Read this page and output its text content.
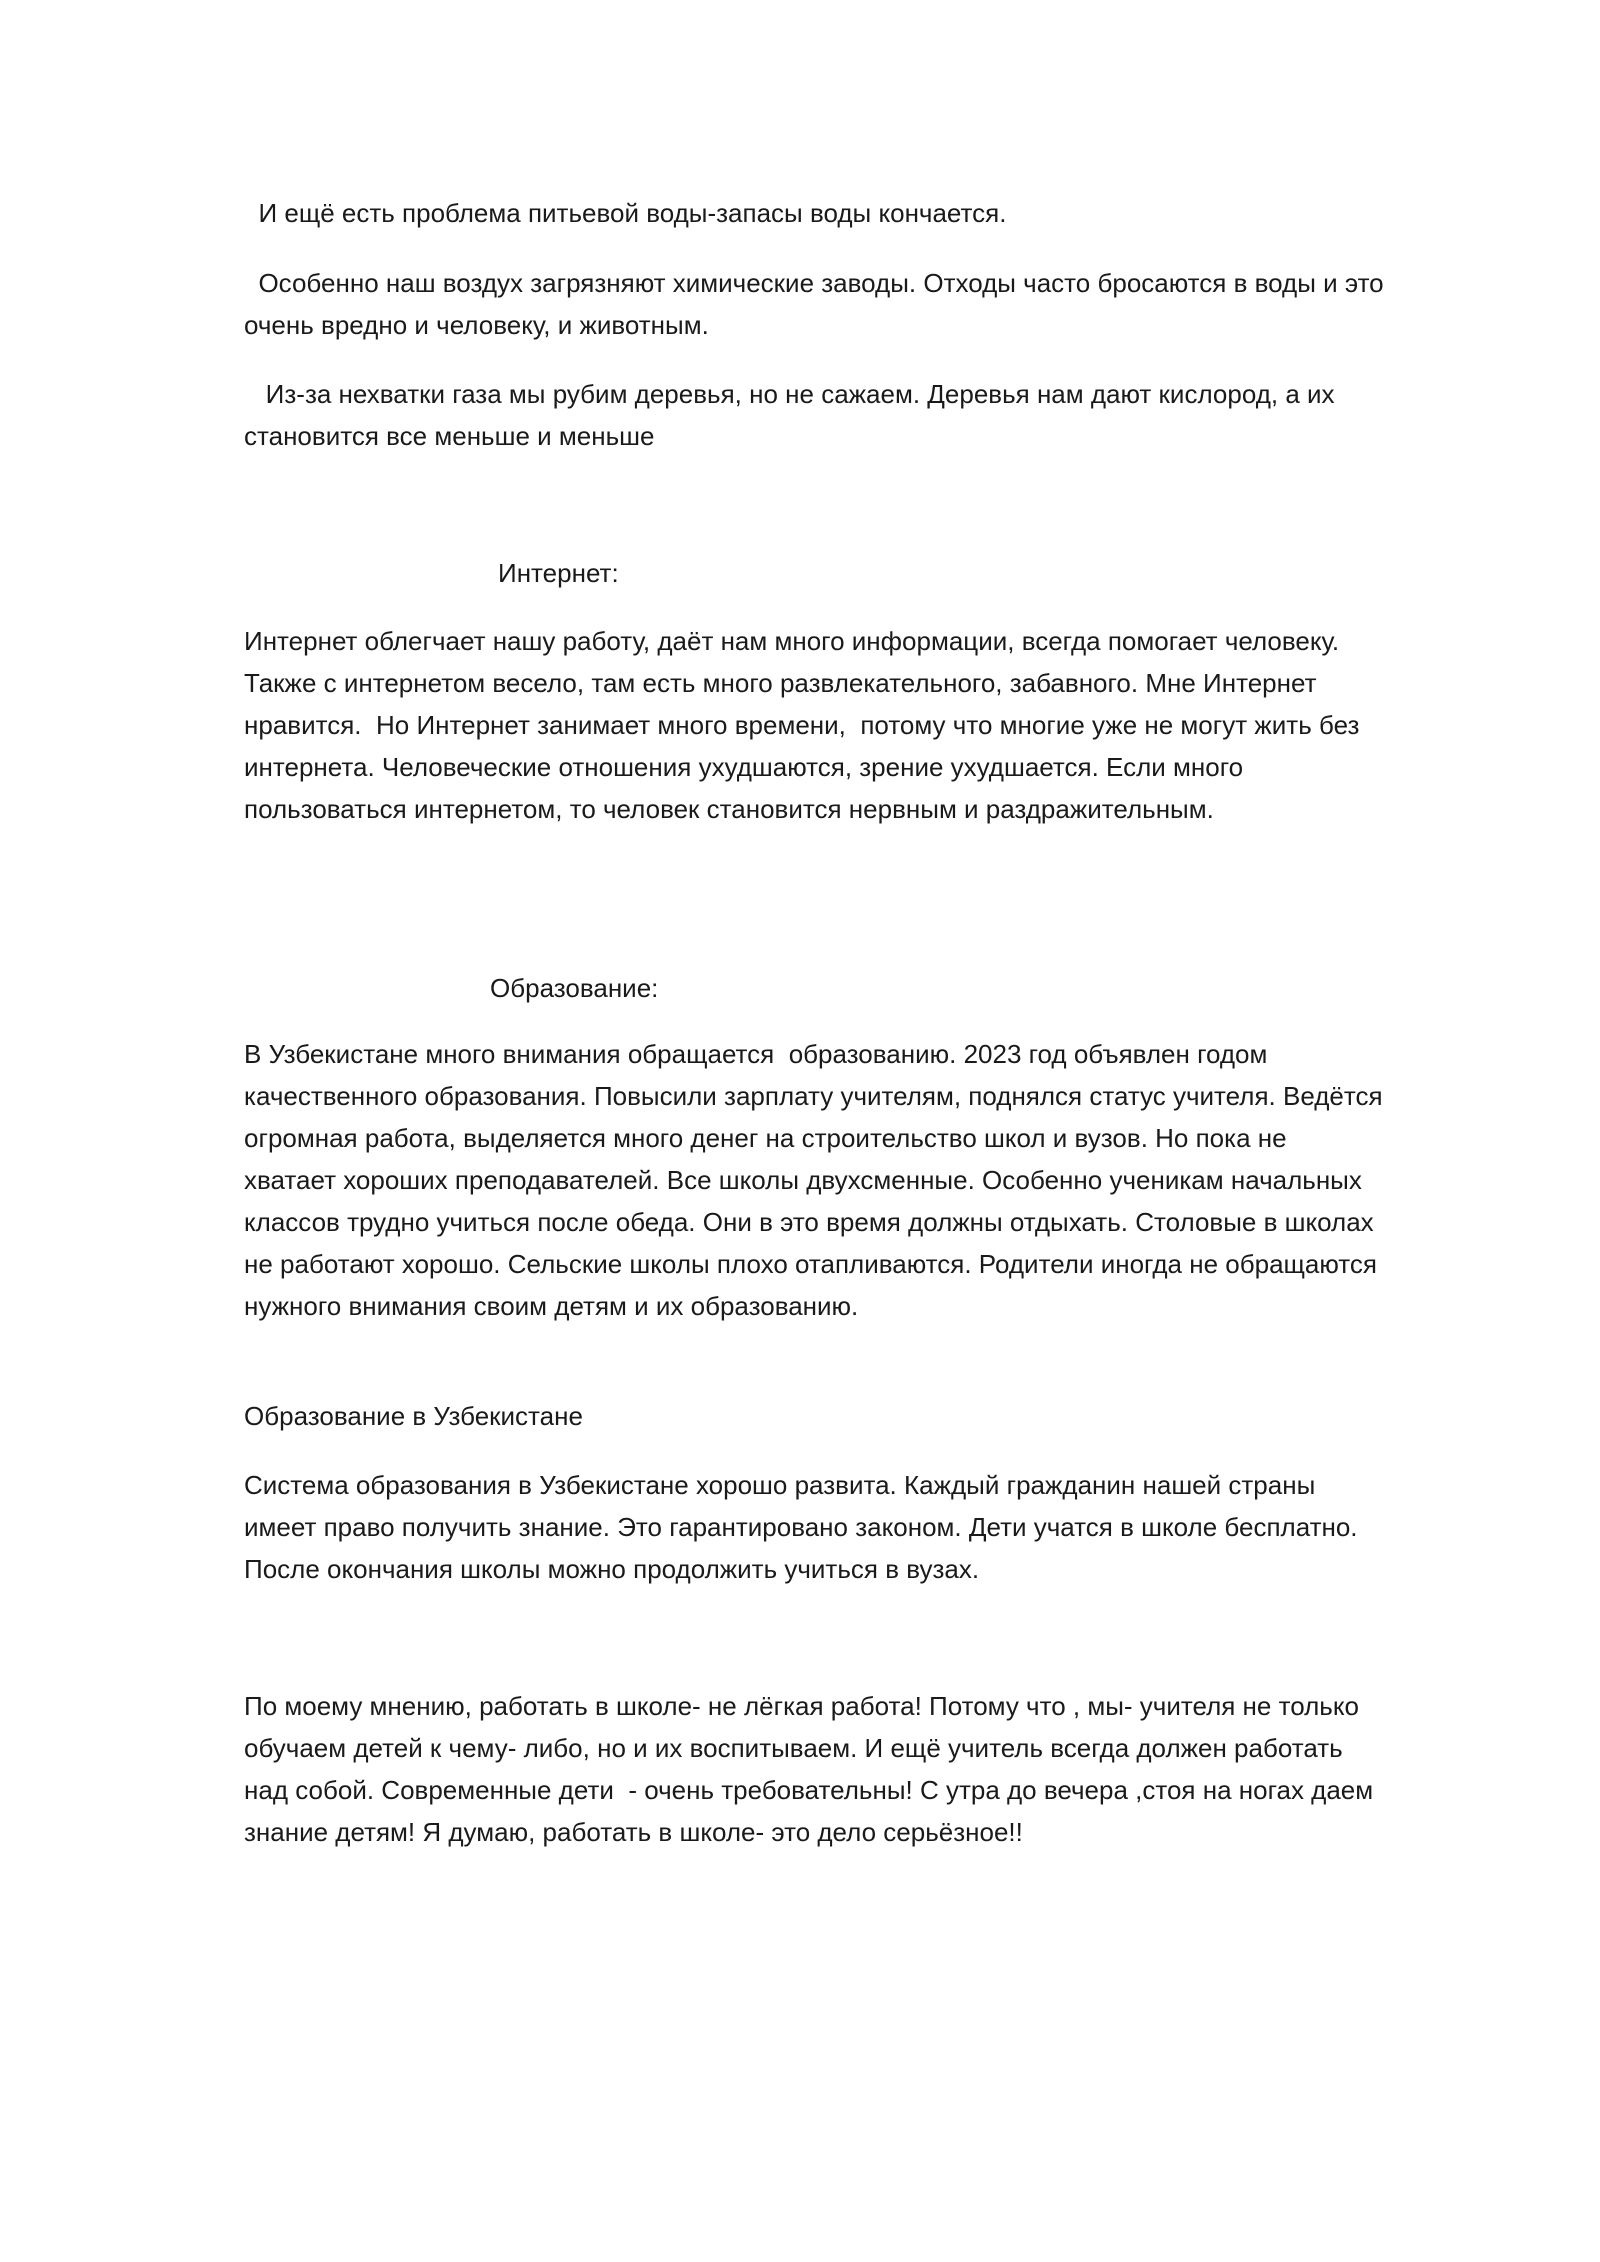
И ещё есть проблема питьевой воды-запасы воды кончается.

Особенно наш воздух загрязняют химические заводы. Отходы часто бросаются в воды и это очень вредно и человеку, и животным.

Из-за нехватки газа мы рубим деревья, но не сажаем. Деревья нам дают кислород, а их становится все меньше и меньше

Интернет:

Интернет облегчает нашу работу, даёт нам много информации, всегда помогает человеку.  Также с интернетом весело, там есть много развлекательного, забавного. Мне Интернет нравится.  Но Интернет занимает много времени,  потому что многие уже не могут жить без интернета. Человеческие отношения ухудшаются, зрение ухудшается. Если много пользоваться интернетом, то человек становится нервным и раздражительным.

Образование:

В Узбекистане много внимания обращается  образованию. 2023 год объявлен годом качественного образования. Повысили зарплату учителям, поднялся статус учителя. Ведётся  огромная работа, выделяется много денег на строительство школ и вузов. Но пока не хватает хороших преподавателей. Все школы двухсменные. Особенно ученикам начальных классов трудно учиться после обеда. Они в это время должны отдыхать. Столовые в школах не работают хорошо. Сельские школы плохо отапливаются. Родители иногда не обращаются нужного внимания своим детям и их образованию.

Образование в Узбекистане

Система образования в Узбекистане хорошо развита. Каждый гражданин нашей страны имеет право получить знание. Это гарантировано законом. Дети учатся в школе бесплатно. После окончания школы можно продолжить учиться в вузах.

По моему мнению, работать в школе- не лёгкая работа! Потому что , мы- учителя не только обучаем детей к чему- либо, но и их воспитываем. И ещё учитель всегда должен работать над собой. Современные дети  - очень требовательны! С утра до вечера ,стоя на ногах даем знание детям! Я думаю, работать в школе- это дело серьёзное!!
